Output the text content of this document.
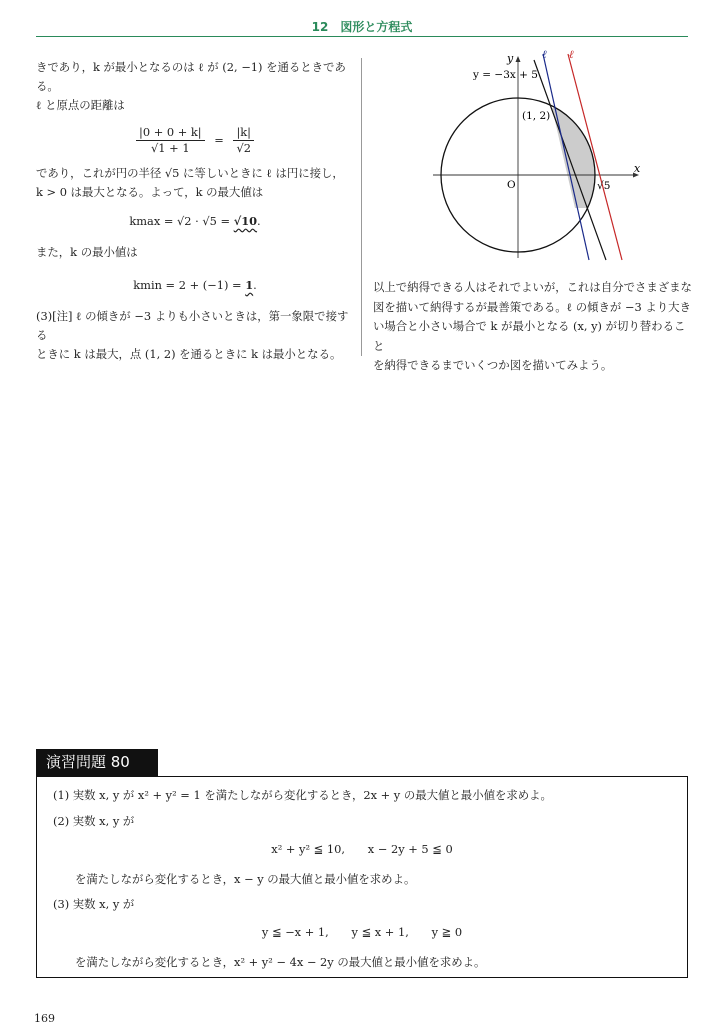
12　図形と方程式

きであり，k が最小となるのは ℓ が (2, −1) を通るときである。

ℓ と原点の距離は

$\frac{|0 + 0 + k|}{√1 + 1} = \frac{|k|}{√2}$

であり，これが円の半径 √5 に等しいときに ℓ は円に接し，

k > 0 は最大となる。よって，k の最大値は

kmax = √2 · √5 = √10.

また，k の最小値は

kmin = 2 + (−1) = 1.

(3)[注] ℓ の傾きが −3 よりも小さいときは，第一象限で接する

ときに k は最大，点 (1, 2) を通るときに k は最小となる。

y
x
O
ℓ ℓ
y = −3x + 5
(1, 2)
√5
以上で納得できる人はそれでよいが，これは自分でさまざまな
図を描いて納得するが最善策である。ℓ の傾きが −3 より大き
い場合と小さい場合で k が最小となる (x, y) が切り替わること
を納得できるまでいくつか図を描いてみよう。
演習問題 80
(1) 実数 x, y が x² + y² = 1 を満たしながら変化するとき，2x + y の最大値と最小値を求めよ。
(2) 実数 x, y が
x² + y² ≦ 10,　　x − 2y + 5 ≦ 0
を満たしながら変化するとき，x − y の最大値と最小値を求めよ。
(3) 実数 x, y が
y ≦ −x + 1,　　y ≦ x + 1,　　y ≧ 0
を満たしながら変化するとき，x² + y² − 4x − 2y の最大値と最小値を求めよ。
169
